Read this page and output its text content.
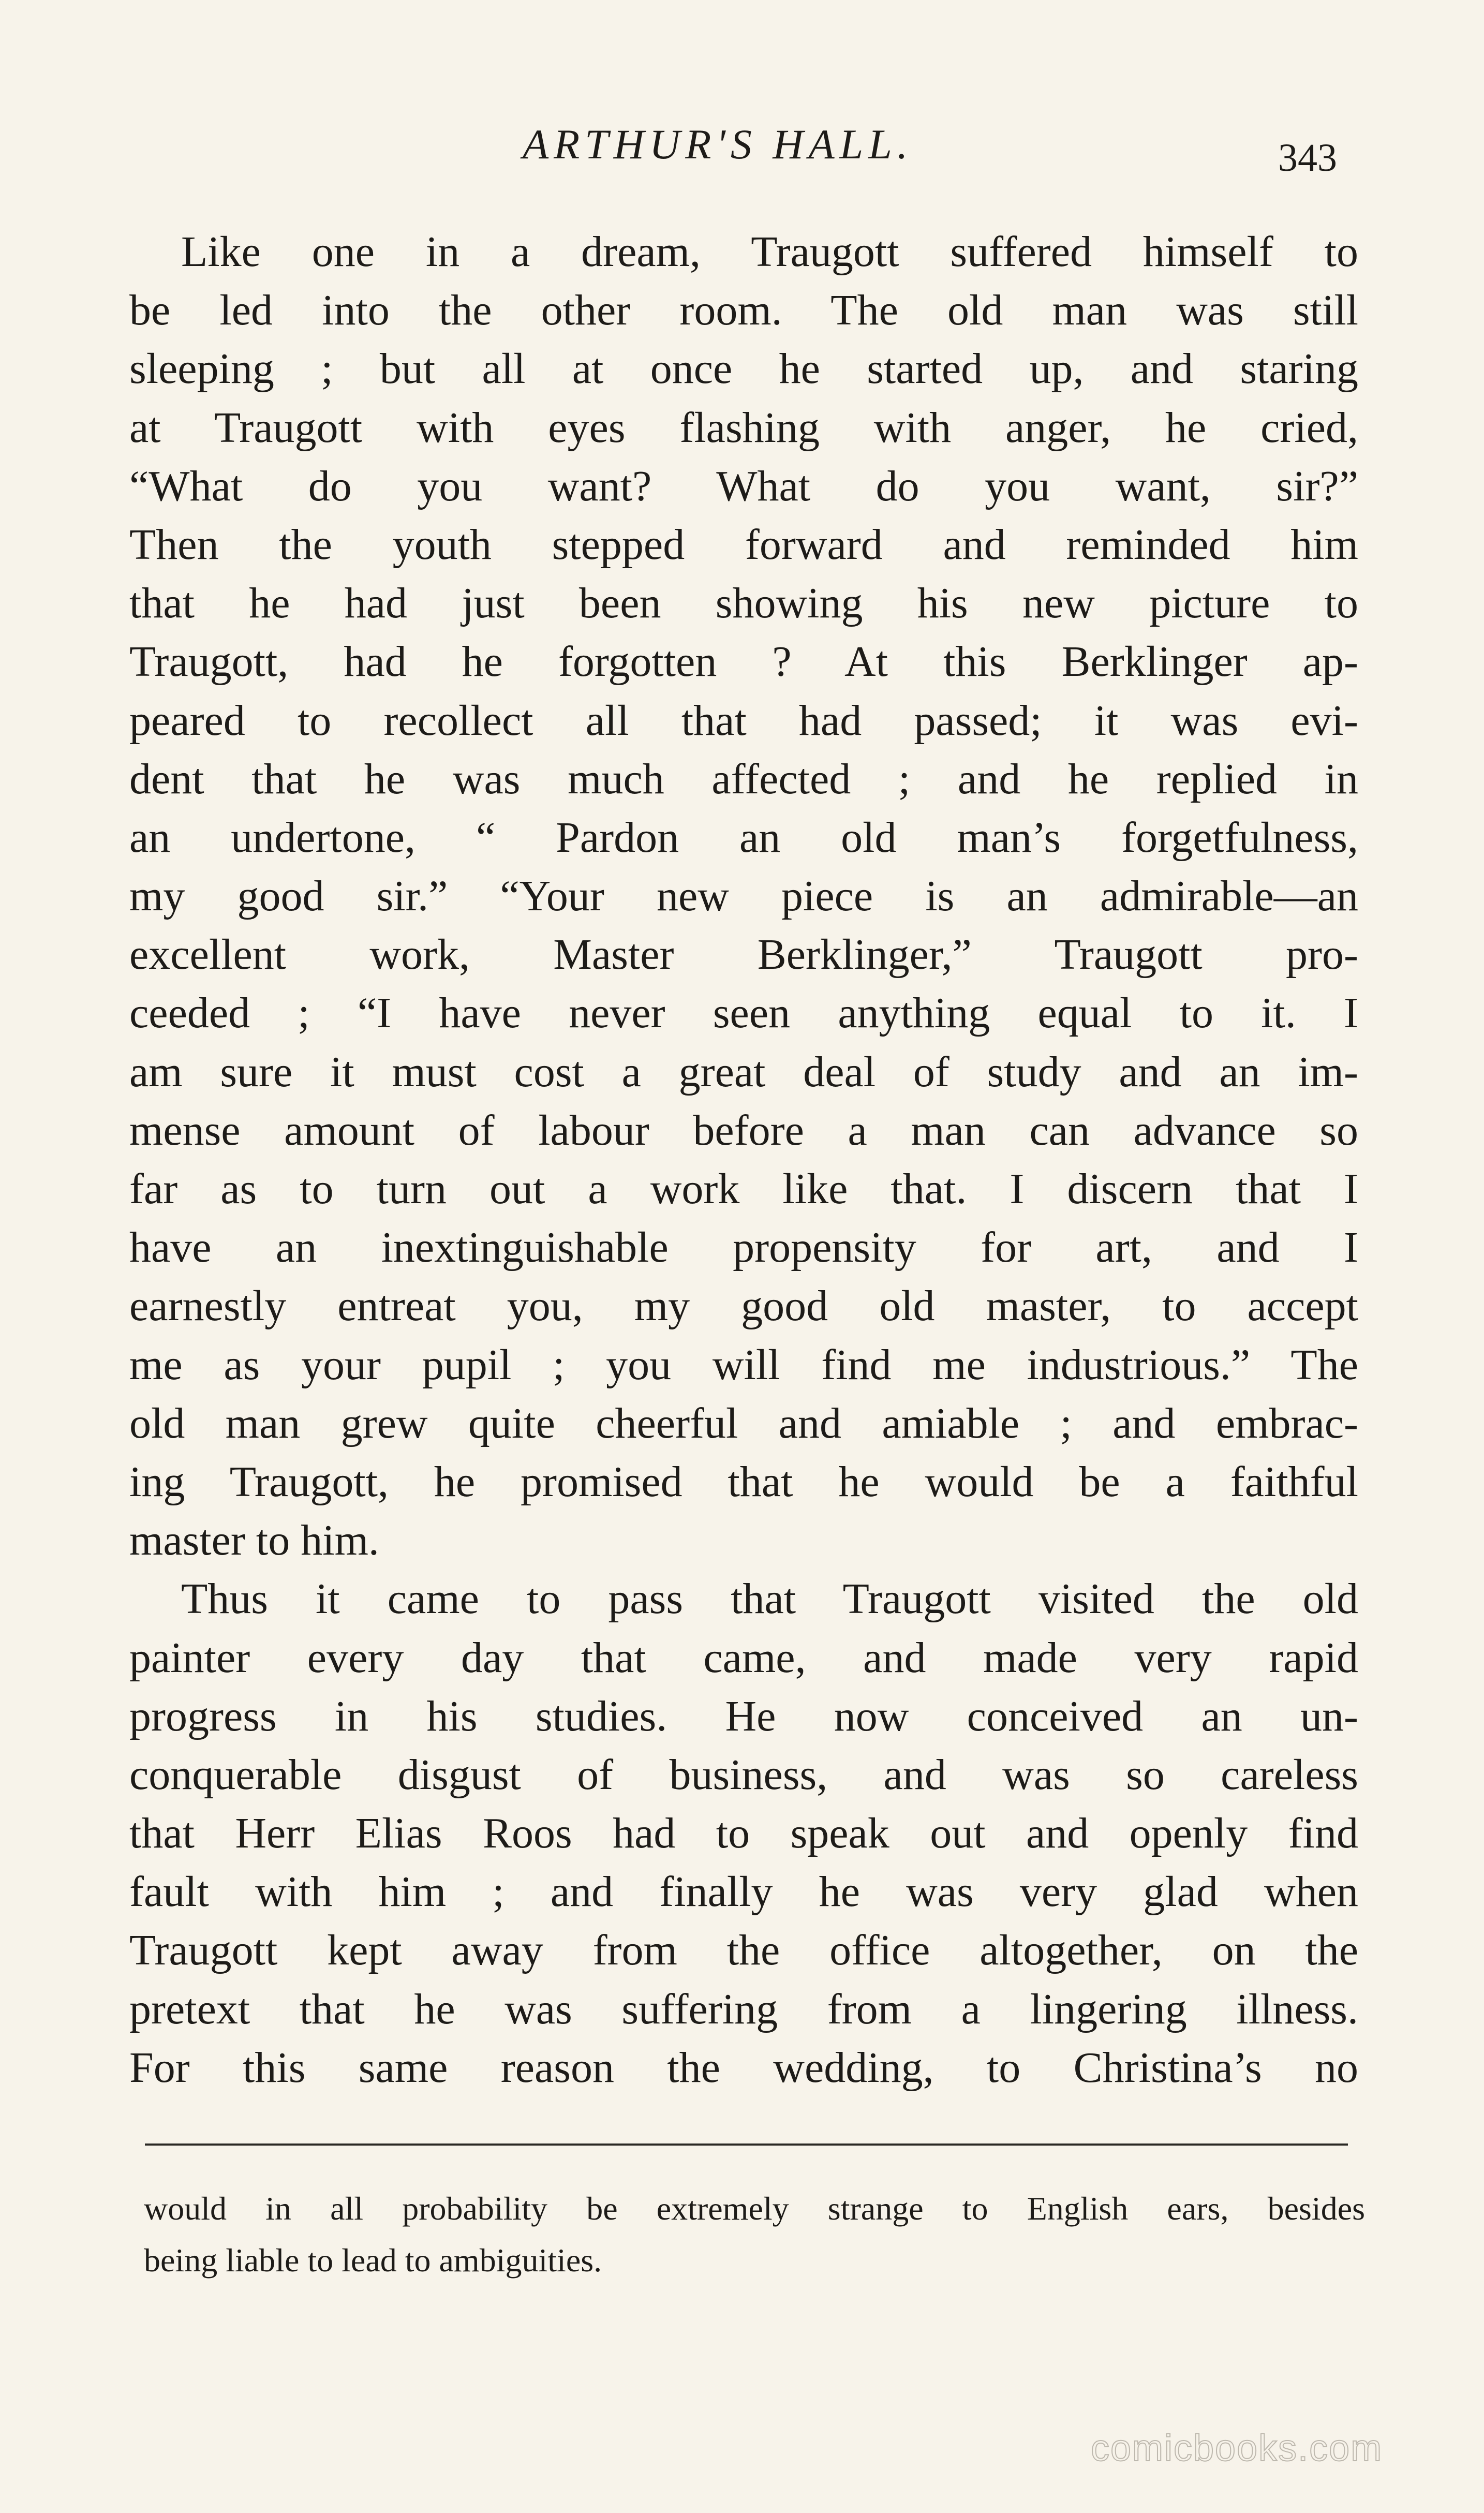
ARTHUR'S HALL.	343
Like one in a dream, Traugott suffered himself to
be led into the other room. The old man was still
sleeping ; but all at once he started up, and staring
at Traugott with eyes flashing with anger, he cried,
“What do you want? What do you want, sir?”
Then the youth stepped forward and reminded him
that he had just been showing his new picture to
Traugott, had he forgotten ? At this Berklinger ap-
peared to recollect all that had passed; it was evi-
dent that he was much affected ; and he replied in
an undertone, “ Pardon an old man’s forgetfulness,
my good sir.” “Your new piece is an admirable—an
excellent work, Master Berklinger,” Traugott pro-
ceeded ; “I have never seen anything equal to it. I
am sure it must cost a great deal of study and an im-
mense amount of labour before a man can advance so
far as to turn out a work like that. I discern that I
have an inextinguishable propensity for art, and I
earnestly entreat you, my good old master, to accept
me as your pupil ; you will find me industrious.” The
old man grew quite cheerful and amiable ; and embrac-
ing Traugott, he promised that he would be a faithful
master to him.
Thus it came to pass that Traugott visited the old
painter every day that came, and made very rapid
progress in his studies. He now conceived an un-
conquerable disgust of business, and was so careless
that Herr Elias Roos had to speak out and openly find
fault with him ; and finally he was very glad when
Traugott kept away from the office altogether, on the
pretext that he was suffering from a lingering illness.
For this same reason the wedding, to Christina’s no
would in all probability be extremely strange to English ears, besides
being liable to lead to ambiguities.
comicbooks.com
